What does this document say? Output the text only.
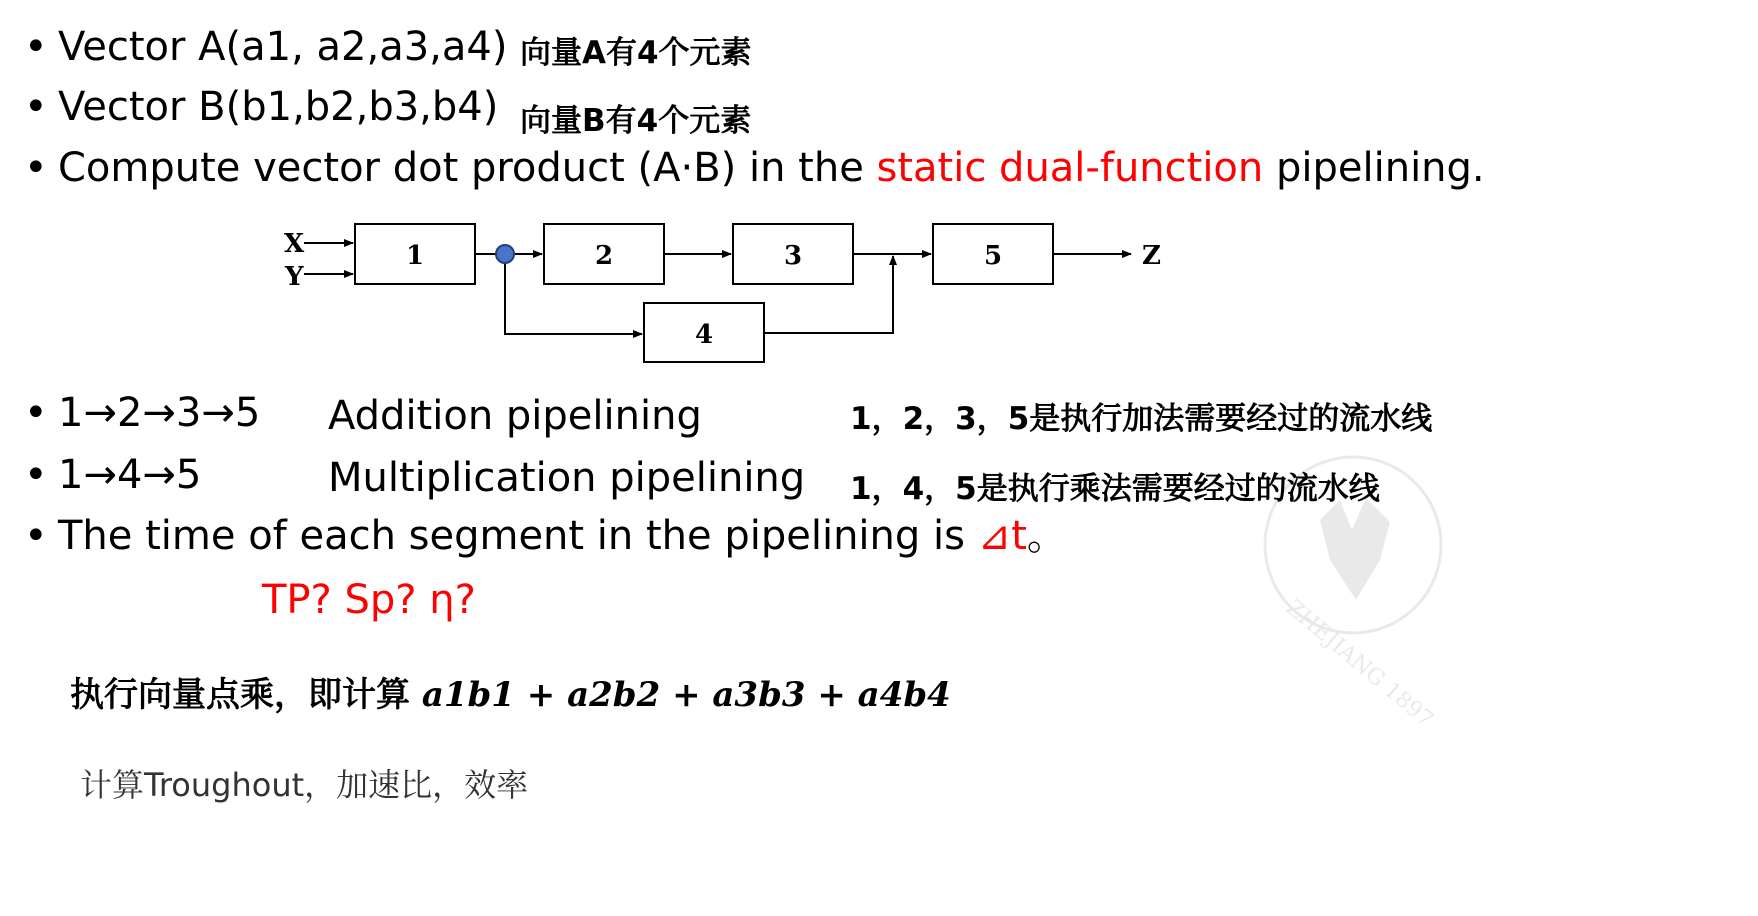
• Vector A(a1, a2,a3,a4) 向量A有4个元素
• Vector B(b1,b2,b3,b4) 向量B有4个元素
• Compute vector dot product (A·B) in the static dual-function pipelining.
X
Y
1	2	3
4
5	Z
ZHEJIANG 1897
• 1→2→3→5 Addition pipelining	1，2，3，5是执行加法需要经过的流水线
• 1→4→5	Multiplication pipelining 1，4，5是执行乘法需要经过的流水线
• The time of each segment in the pipelining is ⊿t。
TP? Sp? η?
执行向量点乘，即计算 a1b1 + a2b2 + a3b3 + a4b4
计算Troughout，加速比，效率
